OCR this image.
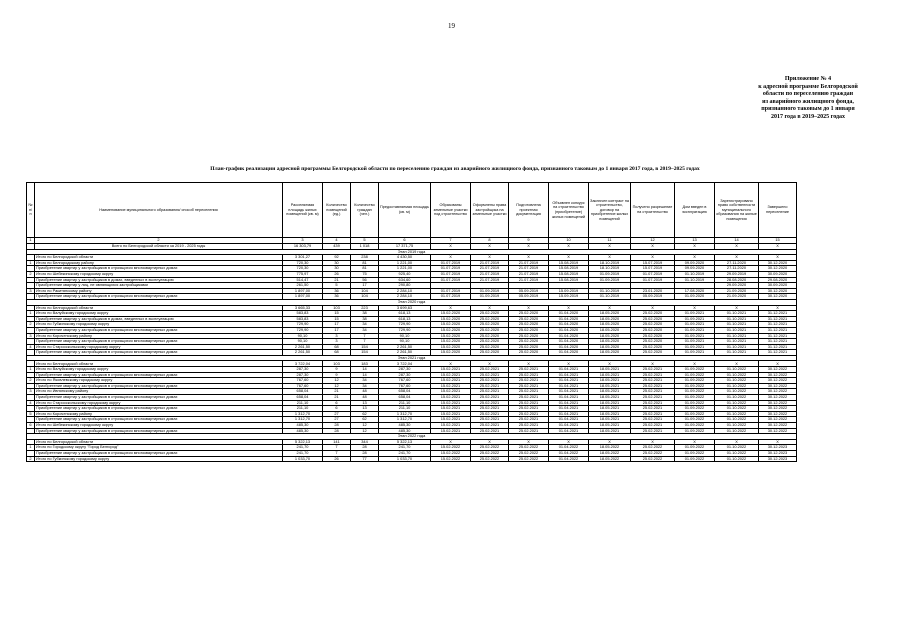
19
Приложение № 4
к адресной программе Белгородской
области по переселению граждан
из аварийного жилищного фонда,
признанного таковым до 1 января
2017 года в 2019–2025 годах
План-график реализации адресной программы Белгородской области по переселению граждан из аварийного жилищного фонда, признанного таковым до 1 января 2017 года, в 2019–2025 годах
№ п/п	Наименование муниципального образования/ способ переселения	Расселяемая площадь жилых помещений (кв. м)	Количество помещений (ед.)	Количество граждан (чел.)	Предоставляемая площадь (кв. м)	Образованы земельные участки под строительство	Оформлены права застройщика на земельные участки	Подготовлена проектная документация	Объявлен конкурс на строительство (приобретение) жилых помещений	Заключен контракт на строительство, договор на приобретение жилых помещений	Получено разрешение на строительство	Дом введен в эксплуатацию	Зарегистрировано право собственности муниципального образования на жилые помещения	Завершено переселение
1	2	3	4	5	6	7	8	9	10	11	12	13	14	15
	Всего по Белгородской области за 2019 - 2025 годы	16 303,79	439	1 018	17 371,75	X	X	X	X	X	X	X	X	X
Этап 2019 года														
	Итого по Белгородской области	3 301,27	92	238	4 430,50	X	X	X	X	X	X	X	X	X
1	Итого по Белгородскому району	720,30	30	81	1 221,00	01.07.2019	21.07.2019	21.07.2019	15.08.2019	18.10.2019	15.07.2019	09.09.2020	27.11.2020	30.12.2020
	Приобретение квартир у застройщиков в строящихся многоквартирных домах	720,30	30	81	1 221,00	01.07.2019	21.07.2019	21.07.2019	15.08.2019	18.10.2019	15.07.2019	09.09.2020	27.11.2020	30.12.2020
2	Итого по Шебекинскому городскому округу	775,97	26	75	925,40	01.07.2019	21.07.2019	21.07.2019	15.08.2019	01.09.2019	01.07.2019	01.10.2019	29.09.2019	30.09.2020
	Приобретение квартир у застройщиков в домах, введенных в эксплуатацию	514,47	21	56	634,60	01.07.2019	21.07.2019	21.07.2019	15.08.2019	01.09.2019	01.07.2019	01.10.2019	28.08.2020	29.08.2020
	Приобретение квартир у лиц, не являющихся застройщиками	261,50	5	17	290,80								29.09.2020	30.09.2020
3	Итого по Ракитянскому району	1 897,00	36	104	2 284,10	01.07.2019	01.09.2019	05.09.2019	15.09.2019	01.10.2019	23.01.2020	17.08.2020	21.09.2020	30.12.2020
	Приобретение квартир у застройщиков в строящихся многоквартирных домах	1 897,00	36	104	2 284,10	01.07.2019	01.09.2019	05.09.2019	15.09.2019	01.10.2019	05.09.2019	01.09.2020	21.09.2020	30.12.2020
Этап 2020 года														
	Итого по Белгородской области	3 665,33	103	223	3 699,63	X	X	X	X	X	X	X	X	X
1	Итого по Валуйскому городскому округу	583,83	15	38	618,13	15.02.2020	25.02.2020	25.02.2020	01.04.2020	18.05.2020	25.02.2020	01.09.2021	01.10.2021	31.12.2021
	Приобретение квартир у застройщиков в домах, введенных в эксплуатацию	583,83	15	38	618,13	15.02.2020	25.02.2020	25.02.2020	01.04.2020	18.05.2020	25.02.2020	01.09.2021	01.10.2021	31.12.2021
2	Итого по Губкинскому городскому округу	729,90	17	34	729,90	15.02.2020	25.02.2020	25.02.2020	01.04.2020	18.05.2020	25.02.2020	01.09.2021	01.10.2021	31.12.2021
	Приобретение квартир у застройщиков в строящихся многоквартирных домах	729,90	17	34	729,90	15.02.2020	25.02.2020	25.02.2020	01.04.2020	18.05.2020	25.02.2020	01.09.2021	01.10.2021	31.12.2021
3	Итого по Короченскому району	90,10	3	7	90,10	15.02.2020	25.02.2020	25.02.2020	01.04.2020	18.05.2020	25.02.2020	01.09.2021	01.10.2021	31.12.2021
	Приобретение квартир у застройщиков в строящихся многоквартирных домах	90,10	3	7	90,10	15.02.2020	25.02.2020	25.02.2020	01.04.2020	18.05.2020	25.02.2020	01.09.2021	01.10.2021	31.12.2021
4	Итого по Старооскольскому городскому округу	2 261,50	68	154	2 261,50	15.02.2020	25.02.2020	25.02.2020	01.04.2020	18.05.2020	25.02.2020	01.09.2021	01.10.2021	31.12.2021
	Приобретение квартир у застройщиков в строящихся многоквартирных домах	2 261,50	68	154	2 261,50	15.02.2020	25.02.2020	25.02.2020	01.04.2020	18.05.2020	25.02.2020	01.09.2021	01.10.2021	31.12.2021
Этап 2021 года														
	Итого по Белгородской области	3 722,04	103	183	3 722,04	X	X	X	X	X	X	X	X	X
1	Итого по Валуйскому городскому округу	287,30	9	14	287,30	15.02.2021	25.02.2021	25.02.2021	01.04.2021	18.05.2021	25.02.2021	01.09.2022	01.10.2022	30.12.2022
	Приобретение квартир у застройщиков в строящихся многоквартирных домах	287,30	9	14	287,30	15.02.2021	25.02.2021	25.02.2021	01.04.2021	18.05.2021	25.02.2021	01.09.2022	01.10.2022	30.12.2022
2	Итого по Яковлевскому городскому округу	767,60	12	34	767,60	15.02.2021	25.02.2021	25.02.2021	01.04.2021	18.05.2021	25.02.2021	01.09.2022	01.10.2022	30.12.2022
	Приобретение квартир у застройщиков в строящихся многоквартирных домах	767,60	12	34	767,60	15.02.2021	25.02.2021	25.02.2021	01.04.2021	18.05.2021	25.02.2021	01.09.2022	01.10.2022	30.12.2022
3	Итого по Ивнянскому району	658,04	21	48	658,04	15.02.2021	25.02.2021	25.02.2021	01.04.2021	18.05.2021	25.02.2021	01.09.2022	01.10.2022	30.12.2022
	Приобретение квартир у застройщиков в строящихся многоквартирных домах	658,04	21	48	658,04	15.02.2021	25.02.2021	25.02.2021	01.04.2021	18.05.2021	25.02.2021	01.09.2022	01.10.2022	30.12.2022
4	Итого по Старооскольскому городскому округу	211,10	6	13	211,10	15.02.2021	25.02.2021	25.02.2021	01.04.2021	18.05.2021	25.02.2021	01.09.2022	01.10.2022	30.12.2022
	Приобретение квартир у застройщиков в строящихся многоквартирных домах	211,10	6	13	211,10	15.02.2021	25.02.2021	25.02.2021	01.04.2021	18.05.2021	25.02.2021	01.09.2022	01.10.2022	30.12.2022
5	Итого по Короченскому району	1 312,70	27	62	1 312,70	15.02.2021	25.02.2021	25.02.2021	01.04.2021	18.05.2021	25.02.2021	01.09.2022	01.10.2022	30.12.2022
	Приобретение квартир у застройщиков в строящихся многоквартирных домах	1 312,70	27	62	1 312,70	15.02.2021	25.02.2021	25.02.2021	01.04.2021	18.05.2021	25.02.2021	01.09.2022	01.10.2022	30.12.2022
6	Итого по Шебекинскому городскому округу	485,30	28	12	485,30	15.02.2021	25.02.2021	25.02.2021	01.04.2021	18.05.2021	25.02.2021	01.09.2022	01.10.2022	30.12.2022
	Приобретение квартир у застройщиков в строящихся многоквартирных домах	485,30	28	12	485,30	15.02.2021	25.02.2021	25.02.2021	01.04.2021	18.05.2021	25.02.2021	01.09.2022	01.10.2022	30.12.2022
Этап 2022 года														
	Итого по Белгородской области	5 322,13	141	344	5 322,13	X	X	X	X	X	X	X	X	X
1	Итого по Городскому округу "Город Белгород"	241,70	7	28	241,70	15.02.2022	25.02.2022	25.02.2022	01.04.2022	18.05.2022	25.02.2022	01.09.2022	01.10.2022	30.12.2023
	Приобретение квартир у застройщиков в строящихся многоквартирных домах	241,70	7	28	241,70	15.02.2022	25.02.2022	25.02.2022	01.04.2022	18.05.2022	25.02.2022	01.09.2022	01.10.2022	30.12.2023
2	Итого по Губкинскому городскому округу	1 033,70	26	77	1 033,70	15.02.2022	25.02.2022	25.02.2022	01.04.2022	18.05.2022	25.02.2022	01.09.2022	01.10.2022	30.12.2023
